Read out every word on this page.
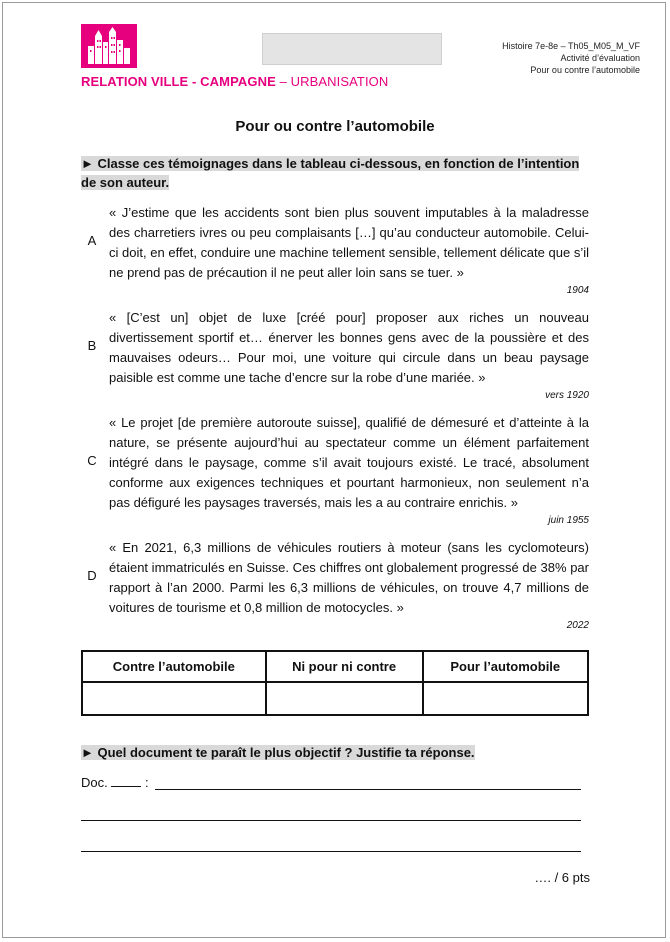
RELATION VILLE - CAMPAGNE – URBANISATION
Histoire 7e-8e – Th05_M05_M_VF
Activité d’évaluation
Pour ou contre l’automobile
Pour ou contre l’automobile
► Classe ces témoignages dans le tableau ci-dessous, en fonction de l’intention de son auteur.
A
« J’estime que les accidents sont bien plus souvent imputables à la maladresse des charretiers ivres ou peu complaisants […] qu’au conducteur automobile. Celui-ci doit, en effet, conduire une machine tellement sensible, tellement délicate que s’il ne prend pas de précaution il ne peut aller loin sans se tuer. »
1904
B
« [C’est un] objet de luxe [créé pour] proposer aux riches un nouveau divertissement sportif et… énerver les bonnes gens avec de la poussière et des mauvaises odeurs… Pour moi, une voiture qui circule dans un beau paysage paisible est comme une tache d’encre sur la robe d’une mariée. »
vers 1920
C
« Le projet [de première autoroute suisse], qualifié de démesuré et d’atteinte à la nature, se présente aujourd’hui au spectateur comme un élément parfaitement intégré dans le paysage, comme s’il avait toujours existé. Le tracé, absolument conforme aux exigences techniques et pourtant harmonieux, non seulement n’a pas défiguré les paysages traversés, mais les a au contraire enrichis. »
juin 1955
D
« En 2021, 6,3 millions de véhicules routiers à moteur (sans les cyclomoteurs) étaient immatriculés en Suisse. Ces chiffres ont globalement progressé de 38% par rapport à l’an 2000. Parmi les 6,3 millions de véhicules, on trouve 4,7 millions de voitures de tourisme et 0,8 million de motocycles. »
2022
Contre l’automobile	Ni pour ni contre	Pour l’automobile

► Quel document te paraît le plus objectif ? Justifie ta réponse.
Doc.	:
…. / 6 pts
